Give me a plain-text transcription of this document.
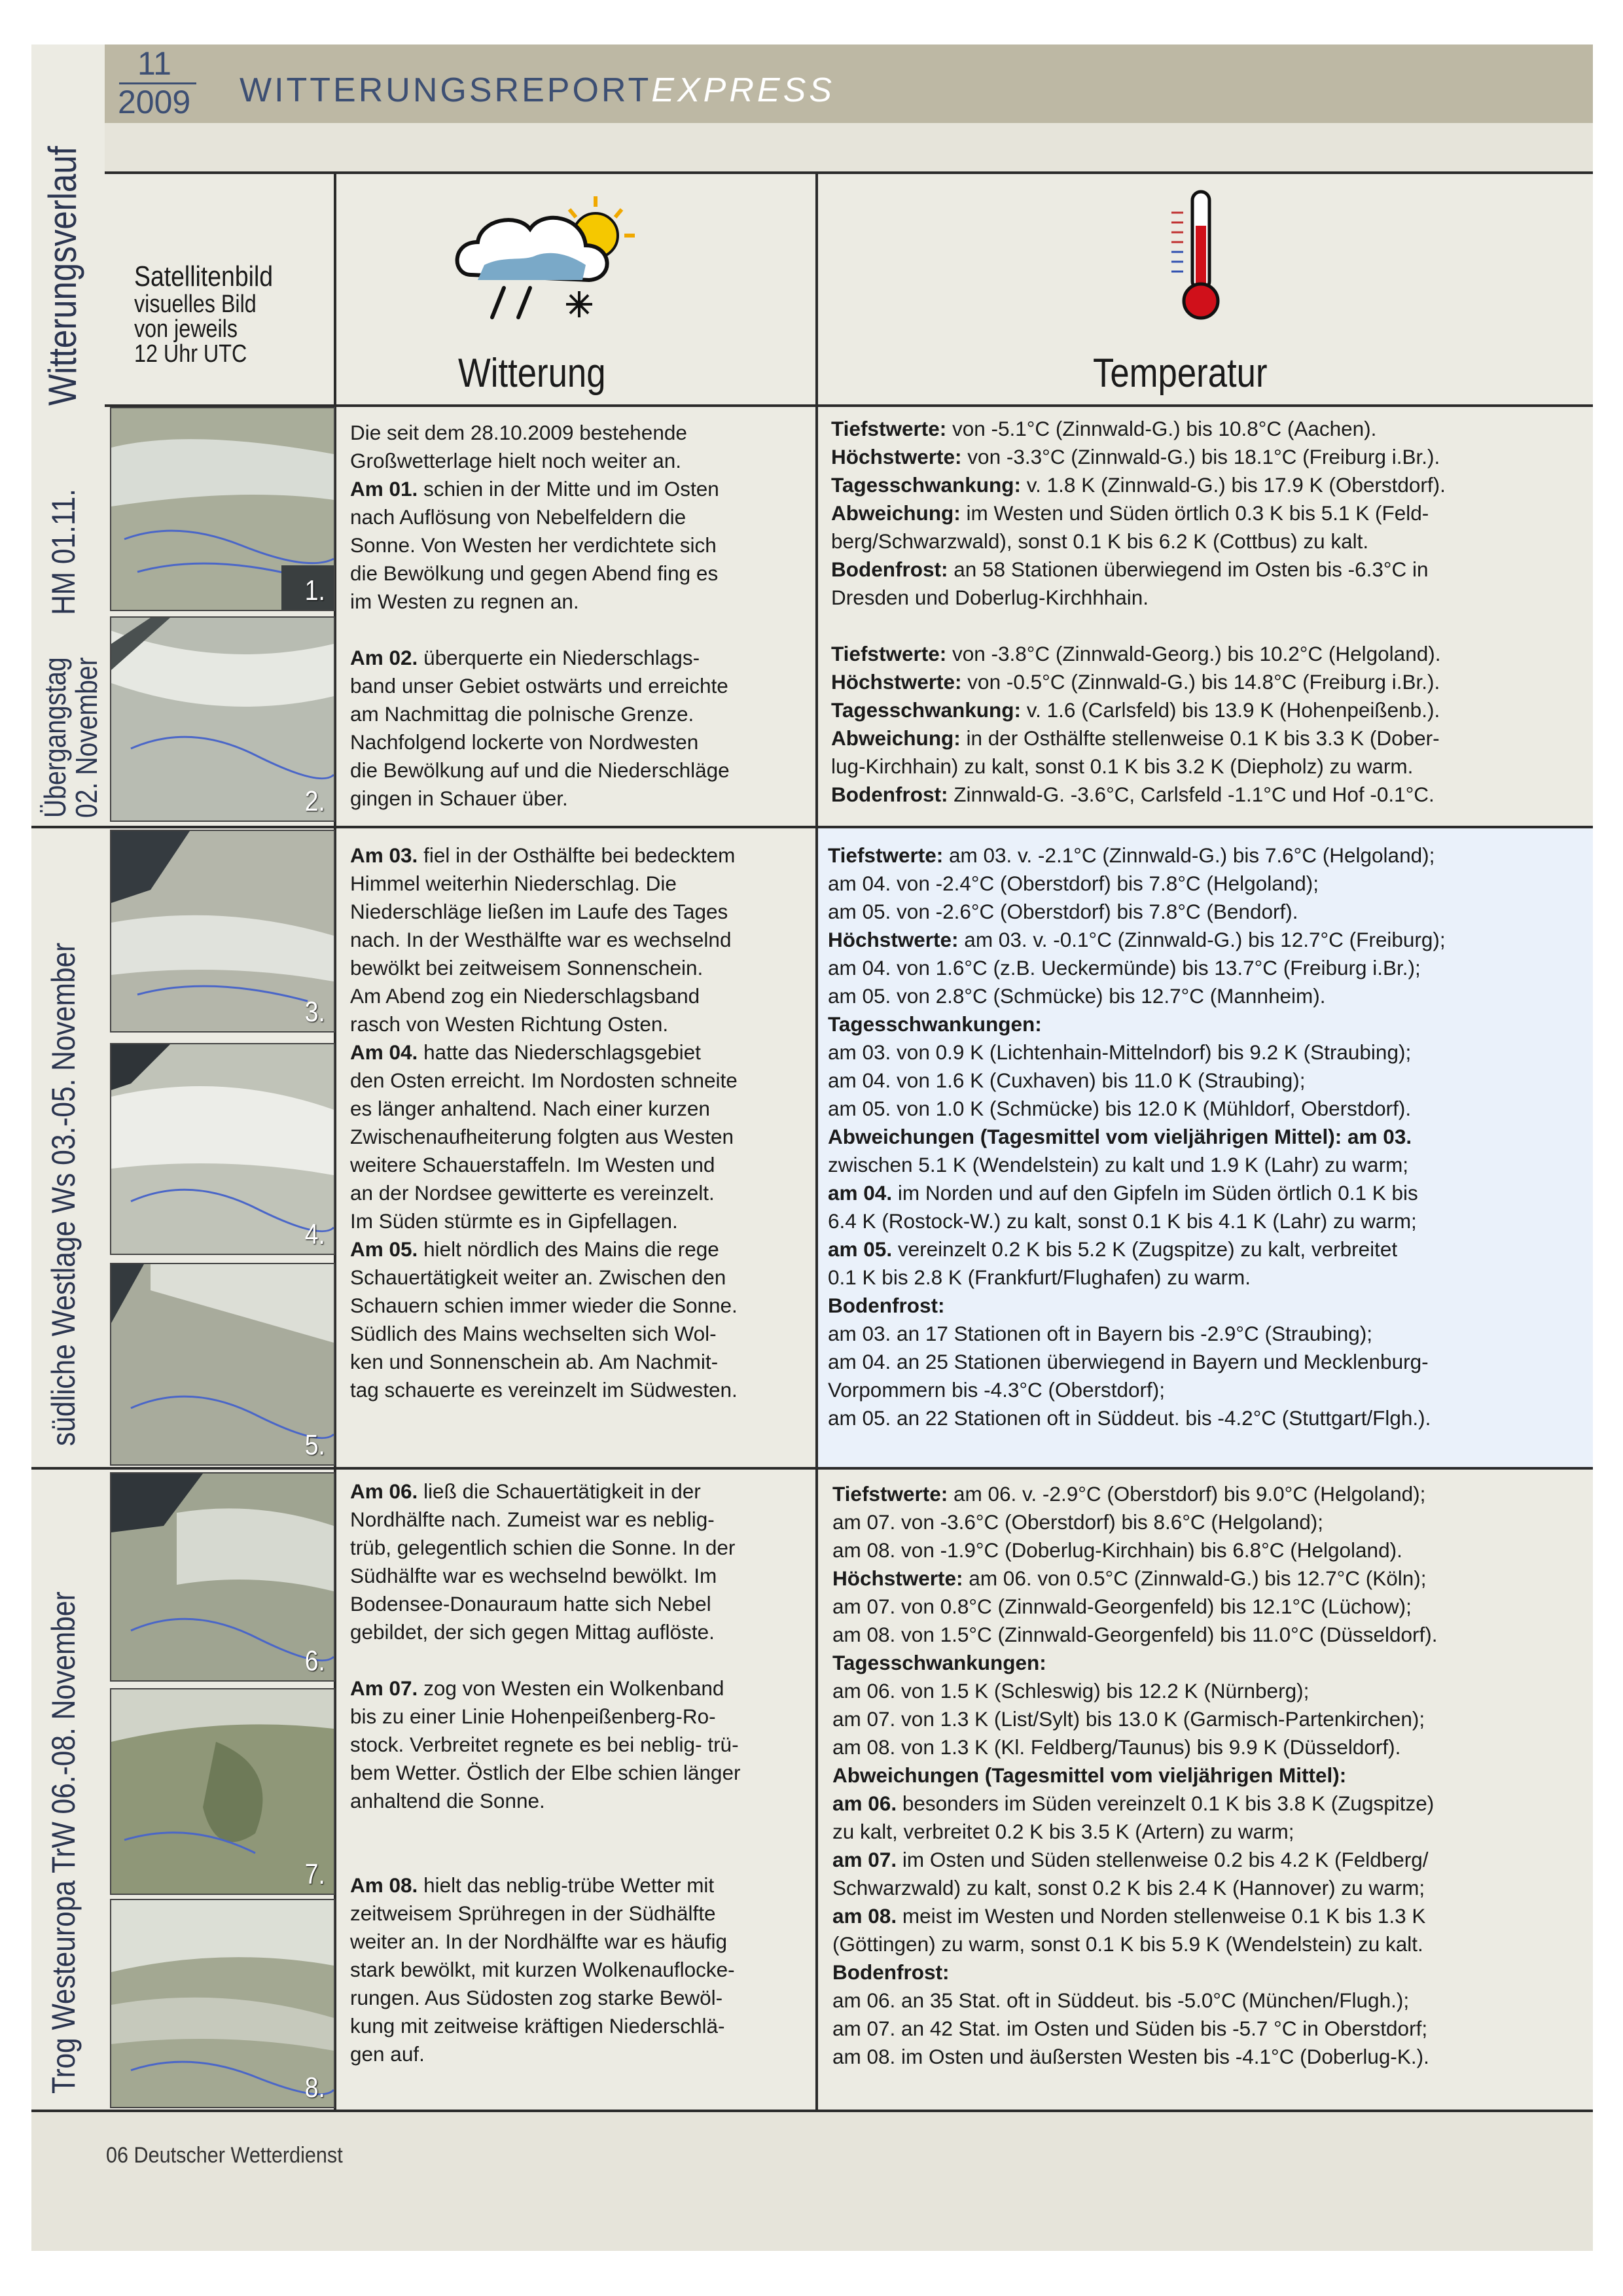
11
2009 WITTERUNGSREPORTEXPRESS
Satellitenbild
visuelles Bild
von jeweils
12 Uhr UTC	Witterung	Temperatur
Witterungsverlauf
HM 01.11.
Übergangstag
02. November
südliche Westlage Ws 03.-05. November
Trog Westeuropa TrW 06.-08. November
1.
2.
3.
4.
5.
6.
7.
8.
Die seit dem 28.10.2009 bestehende
Großwetterlage hielt noch weiter an.
Am 01. schien in der Mitte und im Osten
nach Auflösung von Nebelfeldern die
Sonne. Von Westen her verdichtete sich
die Bewölkung und gegen Abend fing es
im Westen zu regnen an.

Am 02. überquerte ein Niederschlags-
band unser Gebiet ostwärts und erreichte
am Nachmittag die polnische Grenze.
Nachfolgend lockerte von Nordwesten
die Bewölkung auf und die Niederschläge
gingen in Schauer über.
Tiefstwerte: von -5.1°C (Zinnwald-G.) bis 10.8°C (Aachen).
Höchstwerte: von -3.3°C (Zinnwald-G.) bis 18.1°C (Freiburg i.Br.).
Tagesschwankung: v. 1.8 K (Zinnwald-G.) bis 17.9 K (Oberstdorf).
Abweichung: im Westen und Süden örtlich 0.3 K bis 5.1 K (Feld-
berg/Schwarzwald), sonst 0.1 K bis 6.2 K (Cottbus) zu kalt.
Bodenfrost: an 58 Stationen überwiegend im Osten bis -6.3°C in
Dresden und Doberlug-Kirchhhain.

Tiefstwerte: von -3.8°C (Zinnwald-Georg.) bis 10.2°C (Helgoland).
Höchstwerte: von -0.5°C (Zinnwald-G.) bis 14.8°C (Freiburg i.Br.).
Tagesschwankung: v. 1.6 (Carlsfeld) bis 13.9 K (Hohenpeißenb.).
Abweichung: in der Osthälfte stellenweise 0.1 K bis 3.3 K (Dober-
lug-Kirchhain) zu kalt, sonst 0.1 K bis 3.2 K (Diepholz) zu warm.
Bodenfrost: Zinnwald-G. -3.6°C, Carlsfeld -1.1°C und Hof -0.1°C.
Am 03. fiel in der Osthälfte bei bedecktem
Himmel weiterhin Niederschlag. Die
Niederschläge ließen im Laufe des Tages
nach. In der Westhälfte war es wechselnd
bewölkt bei zeitweisem Sonnenschein.
Am Abend zog ein Niederschlagsband
rasch von Westen Richtung Osten.
Am 04. hatte das Niederschlagsgebiet
den Osten erreicht. Im Nordosten schneite
es länger anhaltend. Nach einer kurzen
Zwischenaufheiterung folgten aus Westen
weitere Schauerstaffeln. Im Westen und
an der Nordsee gewitterte es vereinzelt.
Im Süden stürmte es in Gipfellagen.
Am 05. hielt nördlich des Mains die rege
Schauertätigkeit weiter an. Zwischen den
Schauern schien immer wieder die Sonne.
Südlich des Mains wechselten sich Wol-
ken und Sonnenschein ab. Am Nachmit-
tag schauerte es vereinzelt im Südwesten.
Tiefstwerte: am 03. v. -2.1°C (Zinnwald-G.) bis 7.6°C (Helgoland);
am 04. von -2.4°C (Oberstdorf) bis 7.8°C (Helgoland);
am 05. von -2.6°C (Oberstdorf) bis 7.8°C (Bendorf).
Höchstwerte: am 03. v. -0.1°C (Zinnwald-G.) bis 12.7°C (Freiburg);
am 04. von 1.6°C (z.B. Ueckermünde) bis 13.7°C (Freiburg i.Br.);
am 05. von 2.8°C (Schmücke) bis 12.7°C (Mannheim).
Tagesschwankungen:
am 03. von 0.9 K (Lichtenhain-Mittelndorf) bis 9.2 K (Straubing);
am 04. von 1.6 K (Cuxhaven) bis 11.0 K (Straubing);
am 05. von 1.0 K (Schmücke) bis 12.0 K (Mühldorf, Oberstdorf).
Abweichungen (Tagesmittel vom vieljährigen Mittel): am 03.
zwischen 5.1 K (Wendelstein) zu kalt und 1.9 K (Lahr) zu warm;
am 04. im Norden und auf den Gipfeln im Süden örtlich 0.1 K bis
6.4 K (Rostock-W.) zu kalt, sonst 0.1 K bis 4.1 K (Lahr) zu warm;
am 05. vereinzelt 0.2 K bis 5.2 K (Zugspitze) zu kalt, verbreitet
0.1 K bis 2.8 K (Frankfurt/Flughafen) zu warm.
Bodenfrost:
am 03. an 17 Stationen oft in Bayern bis -2.9°C (Straubing);
am 04. an 25 Stationen überwiegend in Bayern und Mecklenburg-
Vorpommern bis -4.3°C (Oberstdorf);
am 05. an 22 Stationen oft in Süddeut. bis -4.2°C (Stuttgart/Flgh.).
Am 06. ließ die Schauertätigkeit in der
Nordhälfte nach. Zumeist war es neblig-
trüb, gelegentlich schien die Sonne. In der
Südhälfte war es wechselnd bewölkt. Im
Bodensee-Donauraum hatte sich Nebel
gebildet, der sich gegen Mittag auflöste.

Am 07. zog von Westen ein Wolkenband
bis zu einer Linie Hohenpeißenberg-Ro-
stock. Verbreitet regnete es bei neblig- trü-
bem Wetter. Östlich der Elbe schien länger
anhaltend die Sonne.

Am 08. hielt das neblig-trübe Wetter mit
zeitweisem Sprühregen in der Südhälfte
weiter an. In der Nordhälfte war es häufig
stark bewölkt, mit kurzen Wolkenauflocke-
rungen. Aus Südosten zog starke Bewöl-
kung mit zeitweise kräftigen Niederschlä-
gen auf.
Tiefstwerte: am 06. v. -2.9°C (Oberstdorf) bis 9.0°C (Helgoland);
am 07. von -3.6°C (Oberstdorf) bis 8.6°C (Helgoland);
am 08. von -1.9°C (Doberlug-Kirchhain) bis 6.8°C (Helgoland).
Höchstwerte: am 06. von 0.5°C (Zinnwald-G.) bis 12.7°C (Köln);
am 07. von 0.8°C (Zinnwald-Georgenfeld) bis 12.1°C (Lüchow);
am 08. von 1.5°C (Zinnwald-Georgenfeld) bis 11.0°C (Düsseldorf).
Tagesschwankungen:
am 06. von 1.5 K (Schleswig) bis 12.2 K (Nürnberg);
am 07. von 1.3 K (List/Sylt) bis 13.0 K (Garmisch-Partenkirchen);
am 08. von 1.3 K (Kl. Feldberg/Taunus) bis 9.9 K (Düsseldorf).
Abweichungen (Tagesmittel vom vieljährigen Mittel):
am 06. besonders im Süden vereinzelt 0.1 K bis 3.8 K (Zugspitze)
zu kalt, verbreitet 0.2 K bis 3.5 K (Artern) zu warm;
am 07. im Osten und Süden stellenweise 0.2 bis 4.2 K (Feldberg/
Schwarzwald) zu kalt, sonst 0.2 K bis 2.4 K (Hannover) zu warm;
am 08. meist im Westen und Norden stellenweise 0.1 K bis 1.3 K
(Göttingen) zu warm, sonst 0.1 K bis 5.9 K (Wendelstein) zu kalt.
Bodenfrost:
am 06. an 35 Stat. oft in Süddeut. bis -5.0°C (München/Flugh.);
am 07. an 42 Stat. im Osten und Süden bis -5.7 °C in Oberstdorf;
am 08. im Osten und äußersten Westen bis -4.1°C (Doberlug-K.).
06 Deutscher Wetterdienst
